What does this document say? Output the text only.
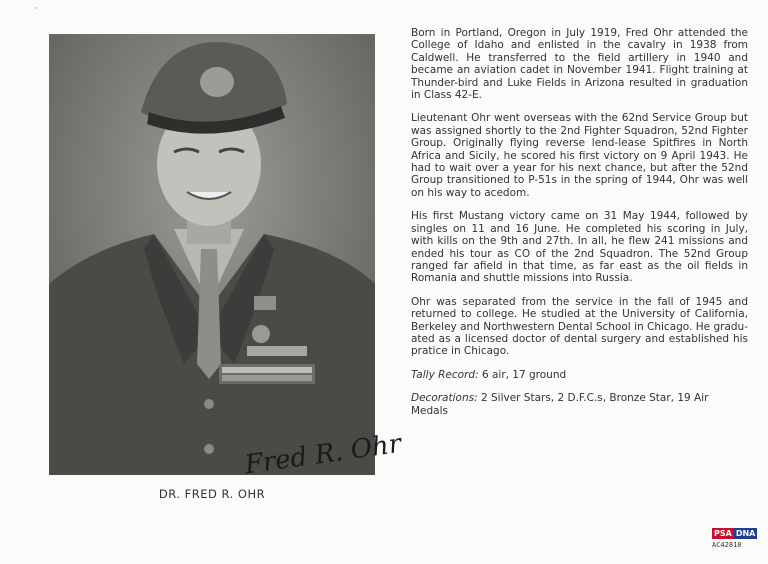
"
Fred R. Ohr
DR. FRED R. OHR

Born in Portland, Oregon in July 1919, Fred Ohr attended the College of Idaho and enlisted in the cavalry in 1938 from Caldwell. He transferred to the field artillery in 1940 and became an aviation cadet in November 1941. Flight training at Thunder-bird and Luke Fields in Arizona resulted in graduation in Class 42-E.

Lieutenant Ohr went overseas with the 62nd Service Group but was assigned shortly to the 2nd Fighter Squadron, 52nd Fighter Group. Originally flying reverse lend-lease Spitfires in North Africa and Sicily, he scored his first victory on 9 April 1943. He had to wait over a year for his next chance, but after the 52nd Group transitioned to P-51s in the spring of 1944, Ohr was well on his way to acedom.

His first Mustang victory came on 31 May 1944, followed by singles on 11 and 16 June. He completed his scoring in July, with kills on the 9th and 27th. In all, he flew 241 missions and ended his tour as CO of the 2nd Squadron. The 52nd Group ranged far afield in that time, as far east as the oil fields in Romania and shuttle missions into Russia.

Ohr was separated from the service in the fall of 1945 and returned to college. He studied at the University of California, Berkeley and Northwestern Dental School in Chicago. He gradu-ated as a licensed doctor of dental surgery and established his pratice in Chicago.

Tally Record: 6 air, 17 ground

Decorations: 2 Silver Stars, 2 D.F.C.s, Bronze Star, 19 Air Medals

PSA DNA
AC42810
